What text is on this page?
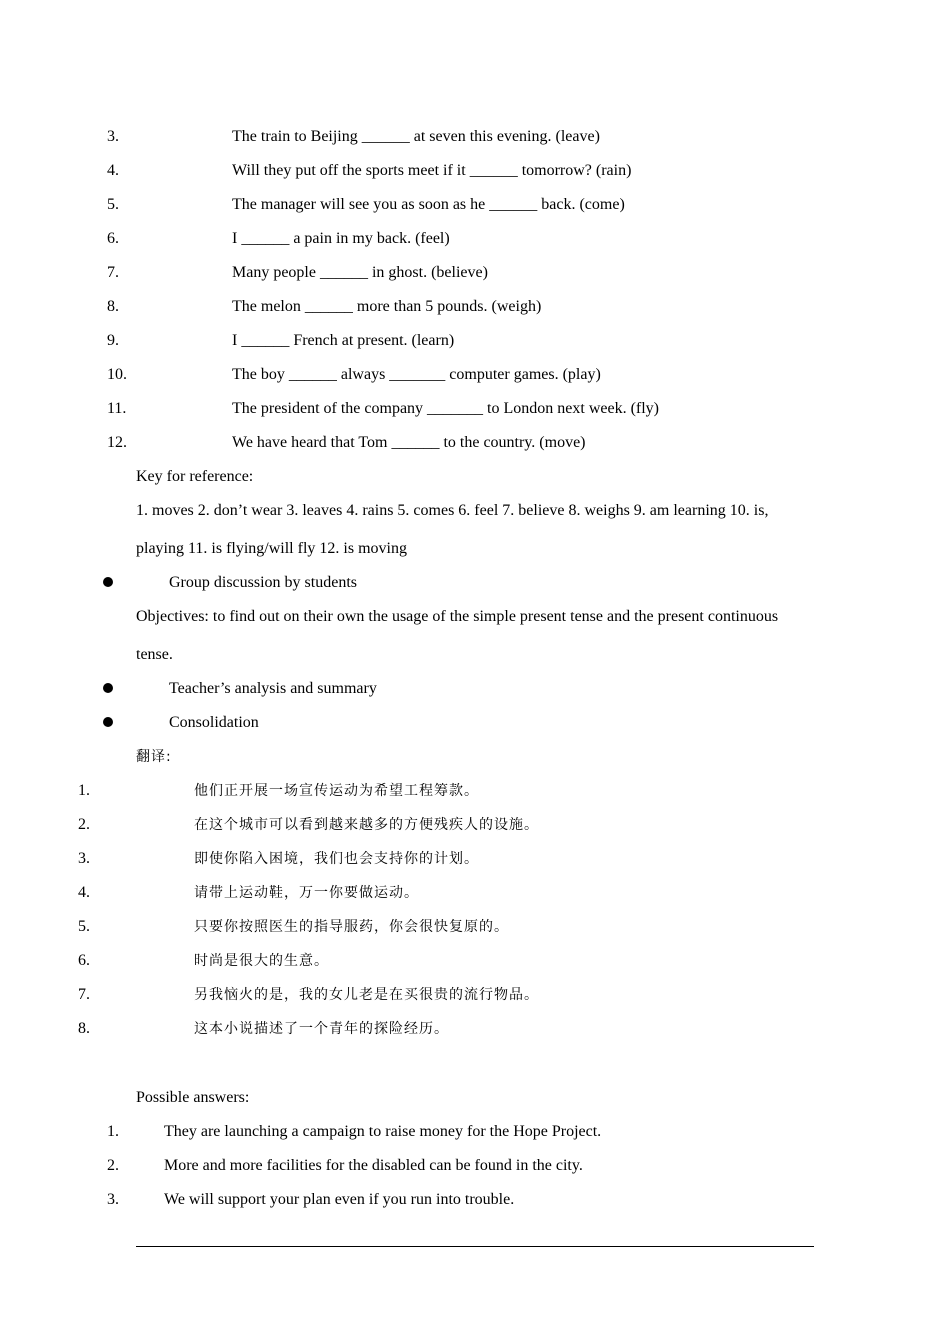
3.	The train to Beijing ______ at seven this evening. (leave)
4.	Will they put off the sports meet if it ______ tomorrow? (rain)
5.	The manager will see you as soon as he ______ back. (come)
6.	I ______ a pain in my back. (feel)
7.	Many people ______ in ghost. (believe)
8.	The melon ______ more than 5 pounds. (weigh)
9.	I ______ French at present. (learn)
10.	The boy ______ always _______ computer games. (play)
11.	The president of the company _______ to London next week. (fly)
12.	We have heard that Tom ______ to the country. (move)
Key for reference:
1. moves 2. don’t wear 3. leaves 4. rains 5. comes 6. feel 7. believe 8. weighs 9. am learning 10. is,
playing 11. is flying/will fly 12. is moving
Group discussion by students
Objectives: to find out on their own the usage of the simple present tense and the present continuous
tense.
Teacher’s analysis and summary
Consolidation
翻译:
1.	他们正开展一场宣传运动为希望工程筹款。
2.	在这个城市可以看到越来越多的方便残疾人的设施。
3.	即使你陷入困境，我们也会支持你的计划。
4.	请带上运动鞋，万一你要做运动。
5.	只要你按照医生的指导服药，你会很快复原的。
6.	时尚是很大的生意。
7.	另我恼火的是，我的女儿老是在买很贵的流行物品。
8.	这本小说描述了一个青年的探险经历。
Possible answers:
1.	They are launching a campaign to raise money for the Hope Project.
2.	More and more facilities for the disabled can be found in the city.
3.	We will support your plan even if you run into trouble.
